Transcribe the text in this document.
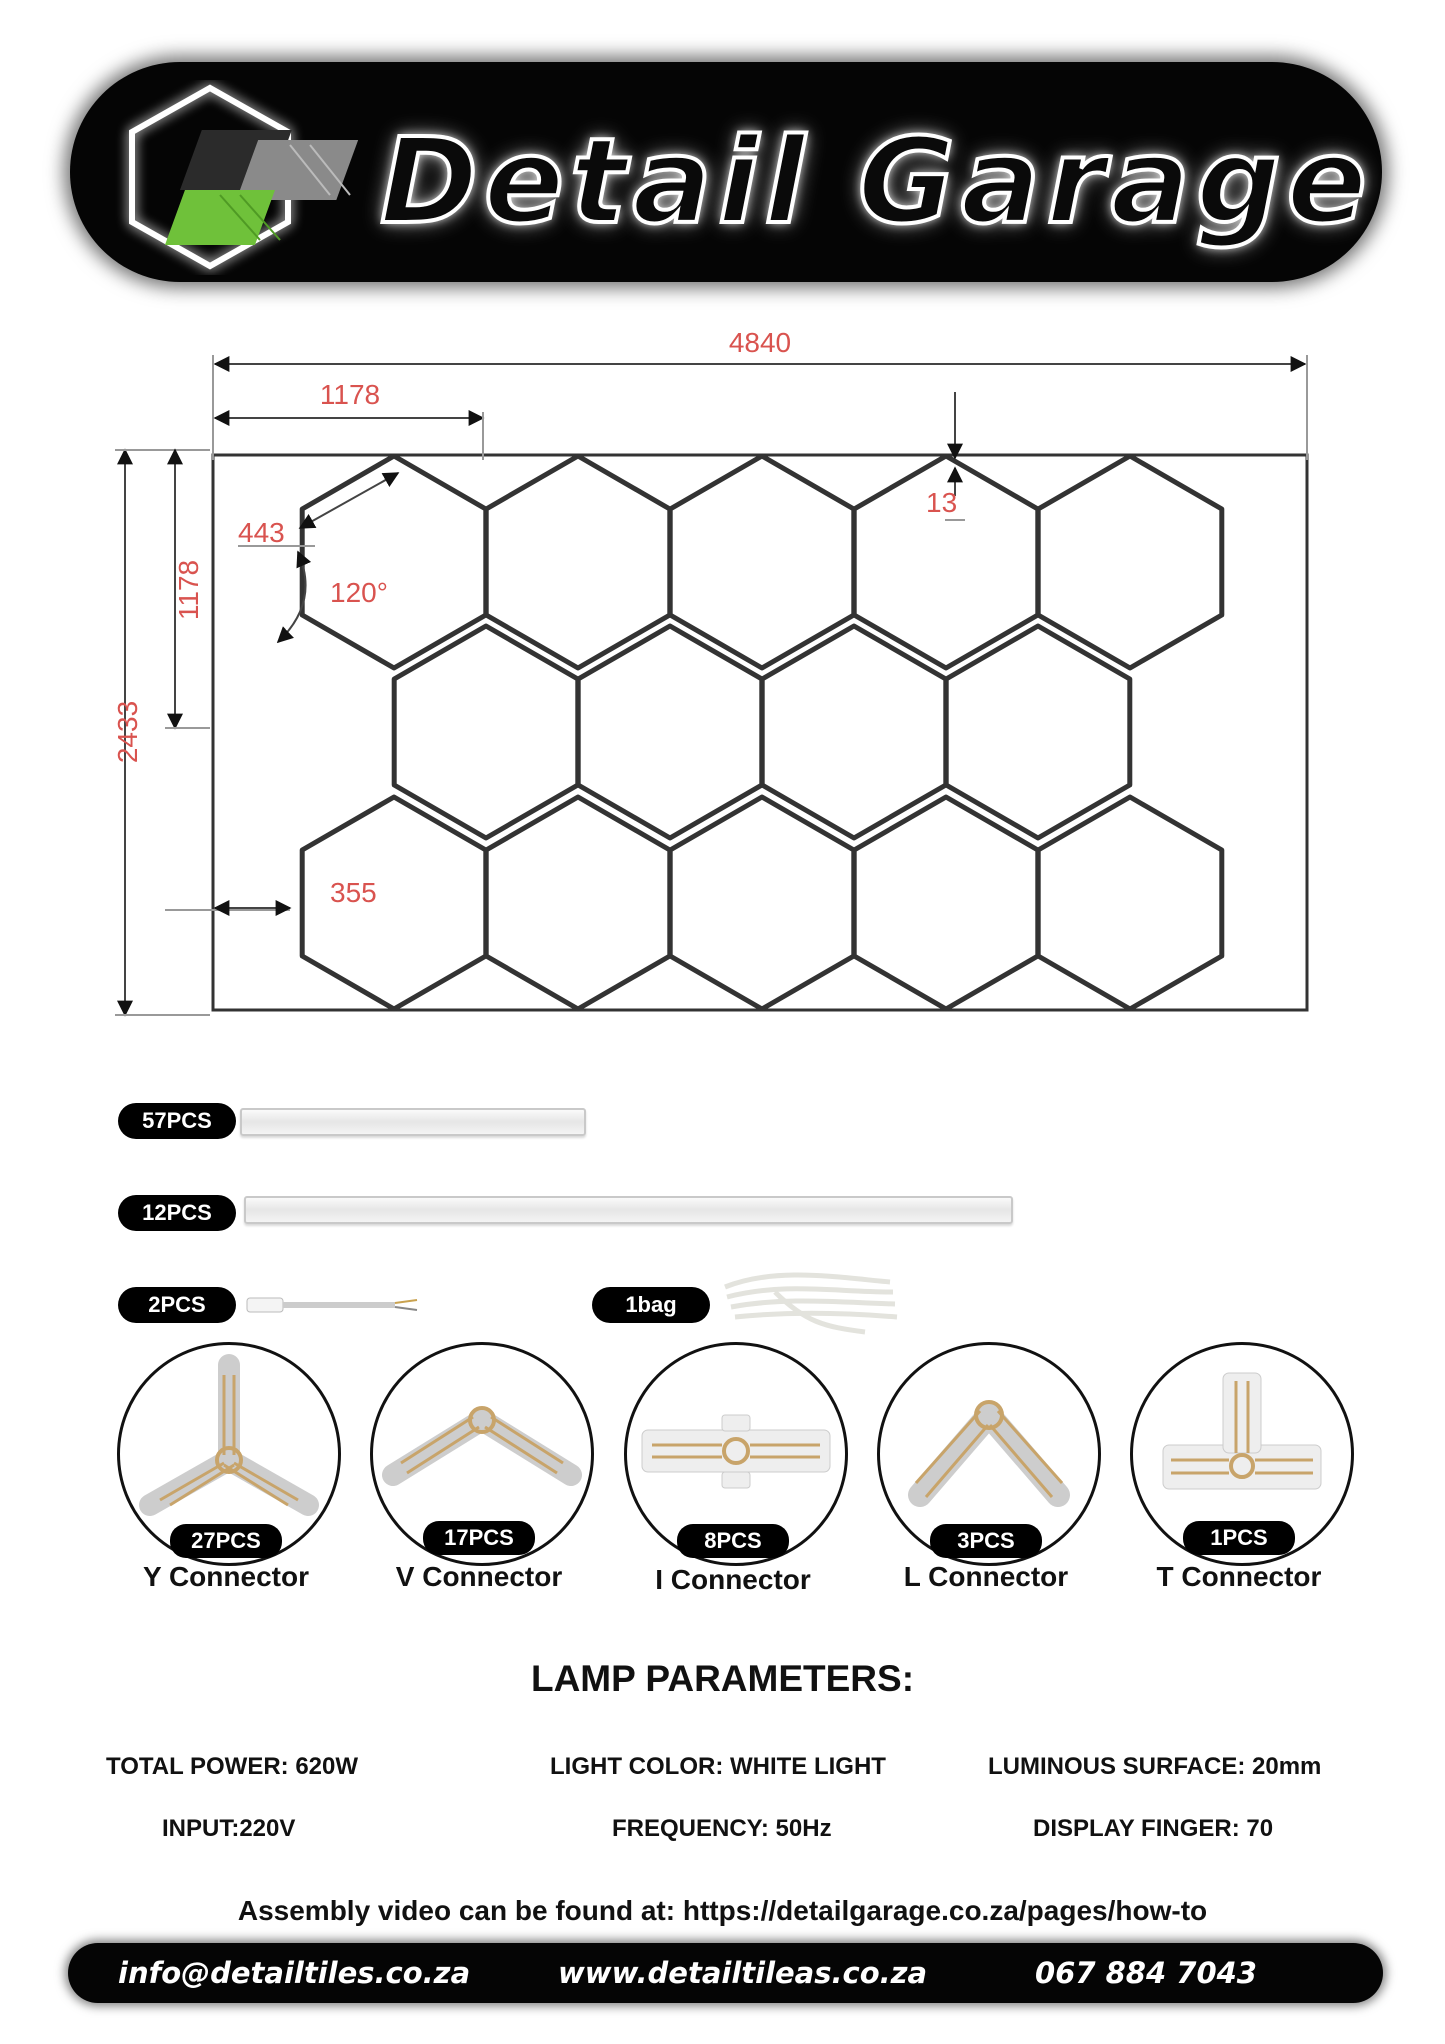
Detail Garage
4840
1178
13
443
120°
1178
2433
355
57PCS
12PCS
2PCS	1bag
27PCS	17PCS	8PCS	3PCS	1PCS
Y Connector	V Connector	I Connector	L Connector	T Connector
LAMP PARAMETERS:
TOTAL POWER: 620W	LIGHT COLOR: WHITE LIGHT	LUMINOUS SURFACE: 20mm
INPUT:220V	FREQUENCY: 50Hz	DISPLAY FINGER: 70
Assembly video can be found at: https://detailgarage.co.za/pages/how-to
info@detailtiles.co.za	www.detailtileas.co.za	067 884 7043
